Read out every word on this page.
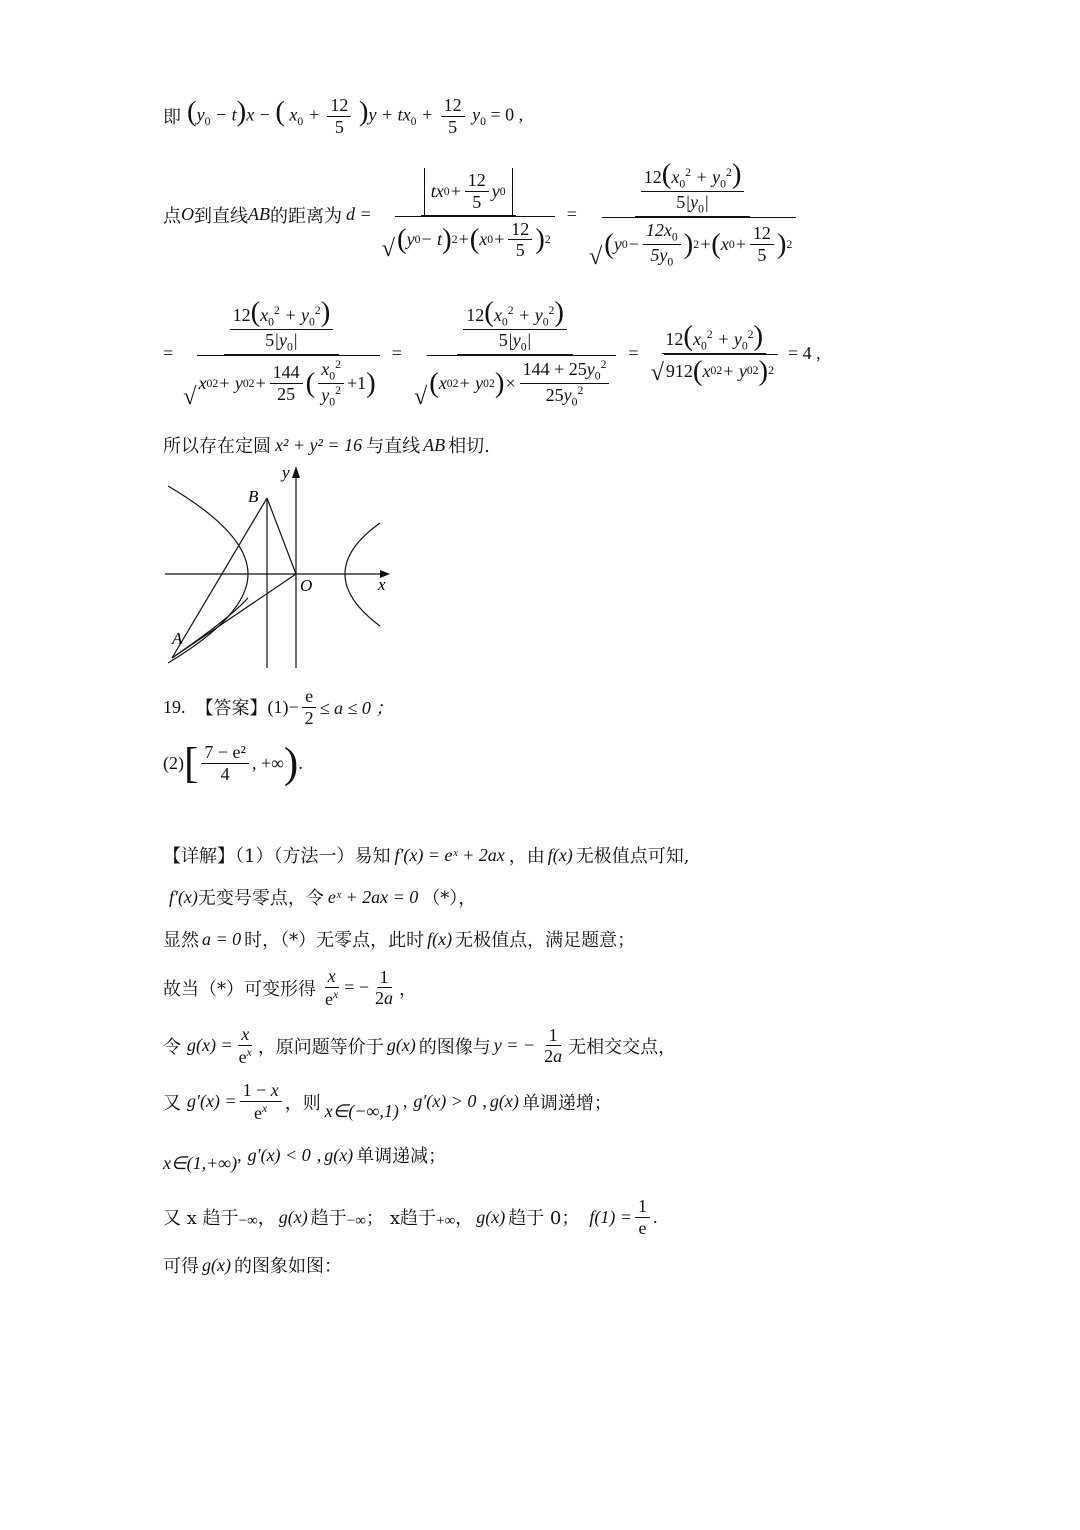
即 $(y_0 - t)x$ − ( $x_0 + \frac{12}{5} )y + tx_0 + \frac{12}{5} y_0 = 0$ ,
点 O 到直线 AB 的距离为 $d = \frac{tx 0 + \frac{12}{5} y 0}{√ ( y 0 - t ) 2 + ( x 0 + \frac{12}{5} ) 2} = \frac{\frac{12(x_0^2 + y_0^2)}{5|y_0|}}{√ ( y 0 - \frac{12x_0}{5y_0} ) 2 + ( x 0 + \frac{12}{5} ) 2}$
= $\frac{\frac{12(x_0^2 + y_0^2)}{5|y_0|}}{√ x 0 2 + y 0 2 + \frac{144}{25} ( \frac{x_0^2}{y_0^2} +1 )} = \frac{\frac{12(x_0^2 + y_0^2)}{5|y_0|}}{√ ( x 0 2 + y 0 2 ) \times \frac{144 + 25y_0^2}{25y_0^2}} = \frac{12(x_0^2 + y_0^2)}{√ 912 ( x 0 2 + y 0 2 ) 2} = 4$ ,
所以存在定圆 x² + y² = 16 与直线 AB 相切.
B
y
O	x
A
19. 【答案】 $(1) - \frac{e}{2} \le a \le 0$ ；
(2) [ $\frac{\text{7 − e²}}{4}$ , +∞ ) .
【详解】（1）（方法一）易知 f′(x) = eˣ + 2ax ，由 f(x) 无极值点可知,
f′(x) 无变号零点，令 eˣ + 2ax = 0 （*），
显然 a = 0 时，（*）无零点，此时 f(x) 无极值点，满足题意；
故当（*）可变形得 $\frac{x}{e^x}$ = − $\frac{1}{2a}$ ，
令 $g(x) = \frac{x}{e^x}$ ，原问题等价于 g(x) 的图像与 y = − $\frac{1}{2a}$ 无相交交点，
又 $g'(x) = \frac{1 - x}{e^x}$ ，则 x∈(−∞,1) , g′(x) > 0 , g(x) 单调递增；
x∈(1,+∞) , g′(x) < 0 , g(x) 单调递减；
又 x 趋于 −∞ ， g(x) 趋于 −∞ ； x趋于 +∞ ， g(x) 趋于 0； $f(1) = \frac{1}{e}$ .
可得 g(x) 的图象如图：
